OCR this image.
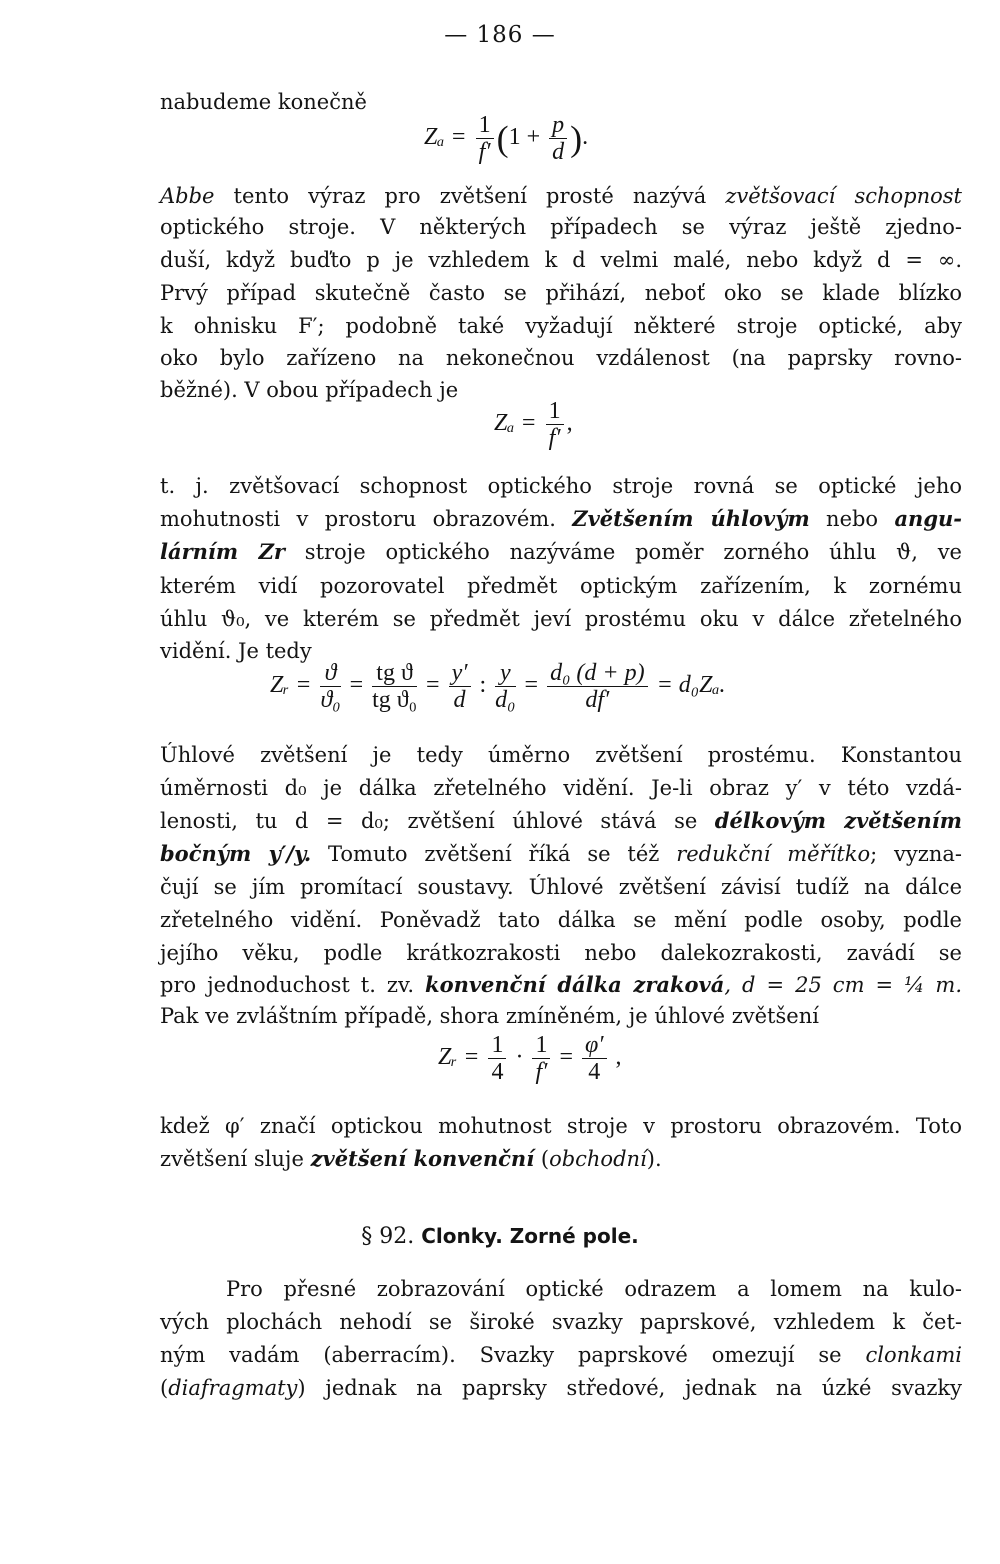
— 186 —
nabudeme konečně
$Z_a = \frac{1}{f'} (1 + \frac{p}{d}$ ).
Abbe tento výraz pro zvětšení prosté nazývá zvětšovací schopnost
optického stroje. V některých případech se výraz ještě zjedno-
duší, když buďto p je vzhledem k d velmi malé, nebo když d = ∞.
Prvý případ skutečně často se přihází, neboť oko se klade blízko
k ohnisku F′; podobně také vyžadují některé stroje optické, aby
oko bylo zařízeno na nekonečnou vzdálenost (na paprsky rovno-
běžné). V obou případech je
$Z_a = \frac{1}{f'}$ ,
t. j. zvětšovací schopnost optického stroje rovná se optické jeho
mohutnosti v prostoru obrazovém. Zvětšením úhlovým nebo angu-
lárním Zr stroje optického nazýváme poměr zorného úhlu ϑ, ve
kterém vidí pozorovatel předmět optickým zařízením, k zornému
úhlu ϑ₀, ve kterém se předmět jeví prostému oku v dálce zřetelného
vidění. Je tedy
Zᵣ = $\frac{ϑ}{\text{ϑ₀}} = \frac{\text{tg ϑ}}{\text{tg ϑ₀}} = \frac{y'}{d}$ : $\frac{y}{\text{d₀}} = \frac{\text{d₀ (d + p)}}{df'} = d_0Z_a$.
Úhlové zvětšení je tedy úměrno zvětšení prostému. Konstantou
úměrnosti d₀ je dálka zřetelného vidění. Je-li obraz y′ v této vzdá-
lenosti, tu d = d₀; zvětšení úhlové stává se délkovým zvětšením
bočným y′/y. Tomuto zvětšení říká se též redukční měřítko; vyzna-
čují se jím promítací soustavy. Úhlové zvětšení závisí tudíž na dálce
zřetelného vidění. Poněvadž tato dálka se mění podle osoby, podle
jejího věku, podle krátkozrakosti nebo dalekozrakosti, zavádí se
pro jednoduchost t. zv. konvenční dálka zraková, d = 25 cm = ¼ m.
Pak ve zvláštním případě, shora zmíněném, je úhlové zvětšení
Zᵣ = $\frac{1}{4} \cdot \frac{1}{f'} = \frac{\varphi'}{4}$ ,
kdež φ′ značí optickou mohutnost stroje v prostoru obrazovém. Toto
zvětšení sluje zvětšení konvenční (obchodní).
§ 92. Clonky. Zorné pole.
Pro přesné zobrazování optické odrazem a lomem na kulo-
vých plochách nehodí se široké svazky paprskové, vzhledem k čet-
ným vadám (aberracím). Svazky paprskové omezují se clonkami
(diafragmaty) jednak na paprsky středové, jednak na úzké svazky
